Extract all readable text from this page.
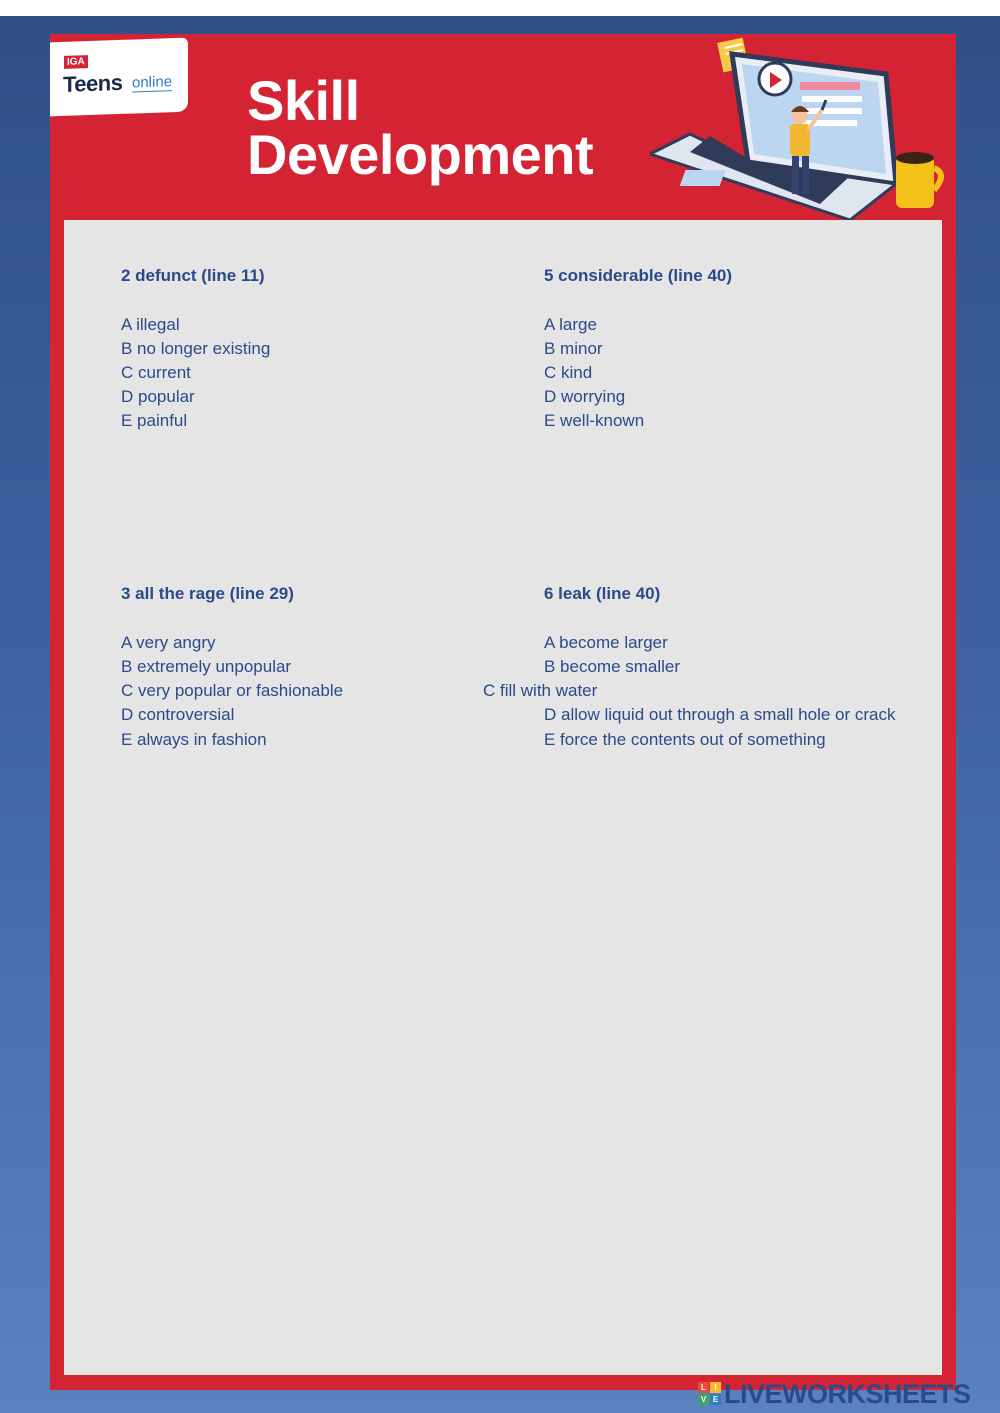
IGA
Teens online Skill
Development
2 defunct (line 11)
A illegal
B no longer existing
C current
D popular
E painful
5 considerable (line 40)
A large
B minor
C kind
D worrying
E well-known
3 all the rage (line 29)
A very angry
B extremely unpopular
C very popular or fashionable
D controversial
E always in fashion
6 leak (line 40)
A become larger
B become smaller
C fill with water
D allow liquid out through a small hole or crack
E force the contents out of something
L	I
V E LIVEWORKSHEETS
